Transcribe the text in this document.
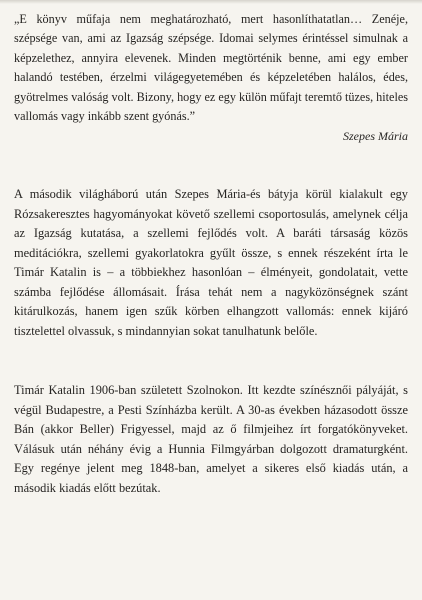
„E könyv műfaja nem meghatározható, mert hasonlíthatatlan… Zenéje, szépsége van, ami az Igazság szépsége. Idomai selymes érintéssel simulnak a képzelethez, annyira elevenek. Minden megtörténik benne, ami egy ember halandó testében, érzelmi világegyetemében és képzeletében halálos, édes, gyötrelmes valóság volt. Bizony, hogy ez egy külön műfajt teremtő tüzes, hiteles vallomás vagy inkább szent gyónás.”

Szepes Mária

A második világháború után Szepes Mária-és bátyja körül kialakult egy Rózsakeresztes hagyományokat követő szellemi csoportosulás, amelynek célja az Igazság kutatása, a szellemi fejlődés volt. A baráti társaság közös meditációkra, szellemi gyakorlatokra gyűlt össze, s ennek részeként írta le Timár Katalin is – a többiekhez hasonlóan – élményeit, gondolatait, vette számba fejlődése állomásait. Írása tehát nem a nagyközönségnek szánt kitárulkozás, hanem igen szűk körben elhangzott vallomás: ennek kijáró tisztelettel olvassuk, s mindannyian sokat tanulhatunk belőle.

Timár Katalin 1906-ban született Szolnokon. Itt kezdte színésznői pályáját, s végül Budapestre, a Pesti Színházba került. A 30-as években házasodott össze Bán (akkor Beller) Frigyessel, majd az ő filmjeihez írt forgatókönyveket. Válásuk után néhány évig a Hunnia Filmgyárban dolgozott dramaturgként. Egy regénye jelent meg 1848-ban, amelyet a sikeres első kiadás után, a második kiadás előtt bezútak.
